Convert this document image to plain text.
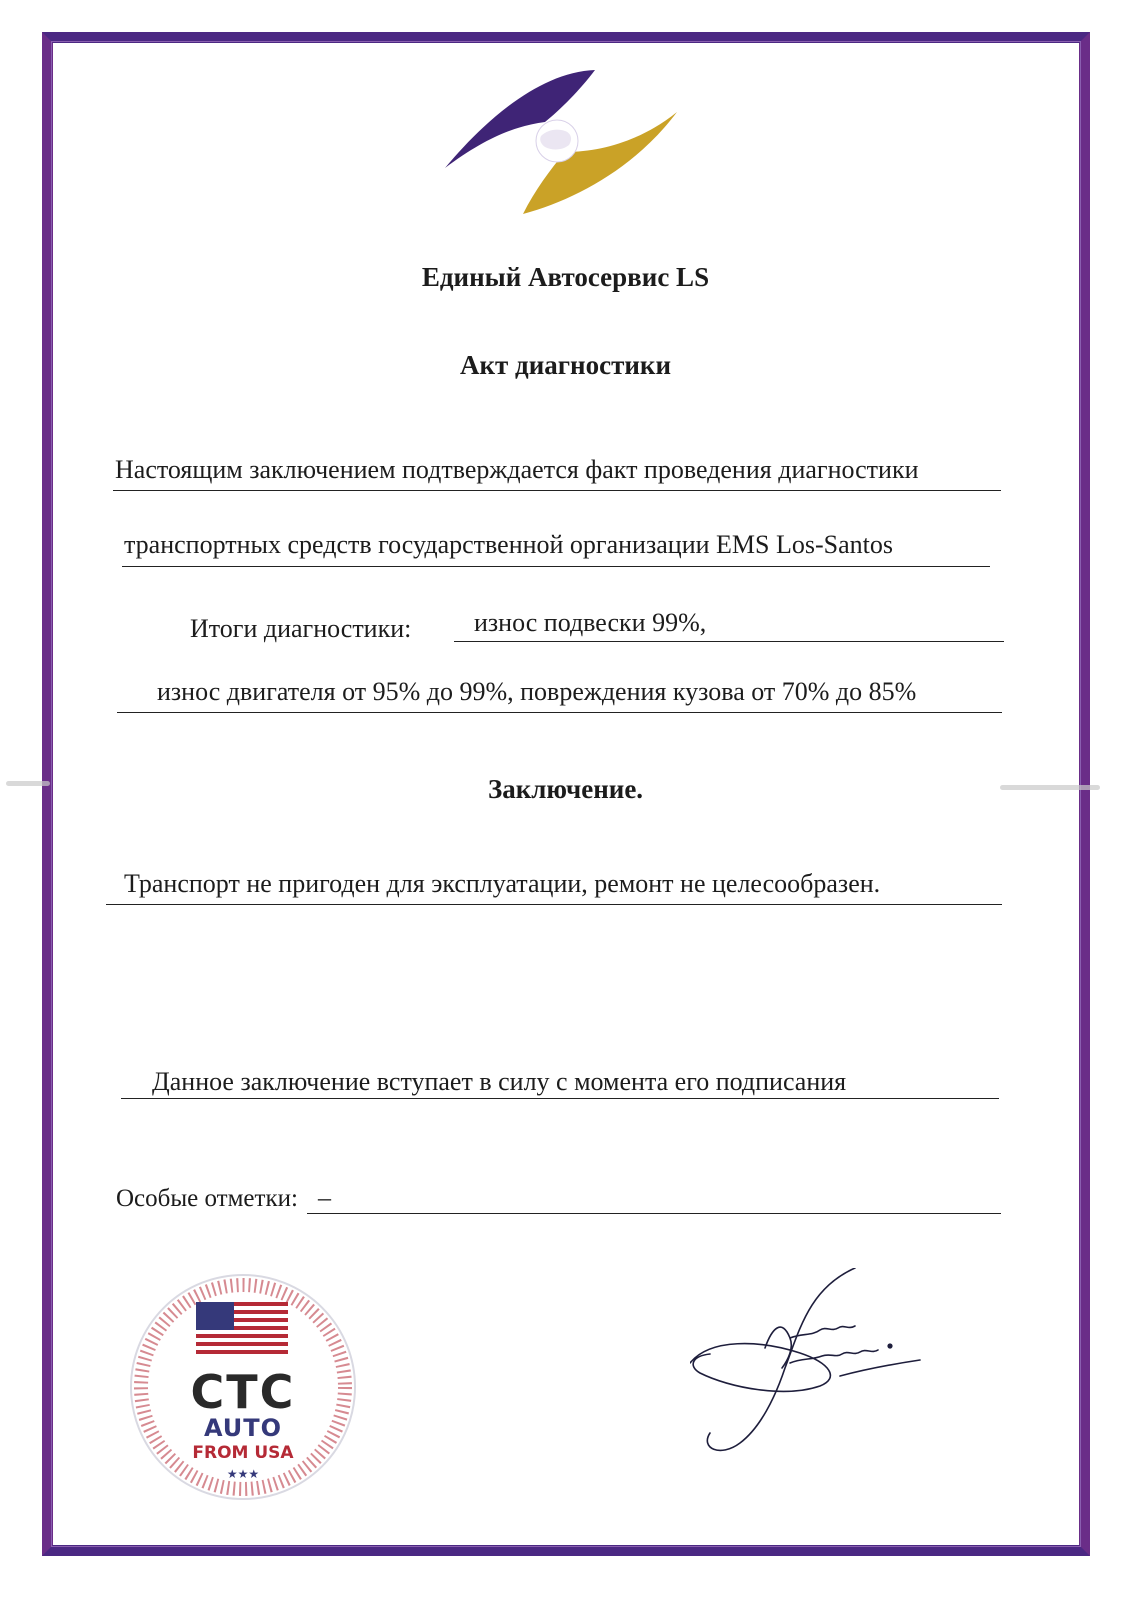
Единый Автосервис LS
Акт диагностики
Настоящим заключением подтверждается факт проведения диагностики
транспортных средств государственной организации EMS Los-Santos
Итоги диагностики: износ подвески 99%,
износ двигателя от 95% до 99%, повреждения кузова от 70% до 85%
Заключение.
Транспорт не пригоден для эксплуатации, ремонт не целесообразен.
Данное заключение вступает в силу с момента его подписания
Особые отметки: –
CTC
AUTO
FROM USA
★★★
